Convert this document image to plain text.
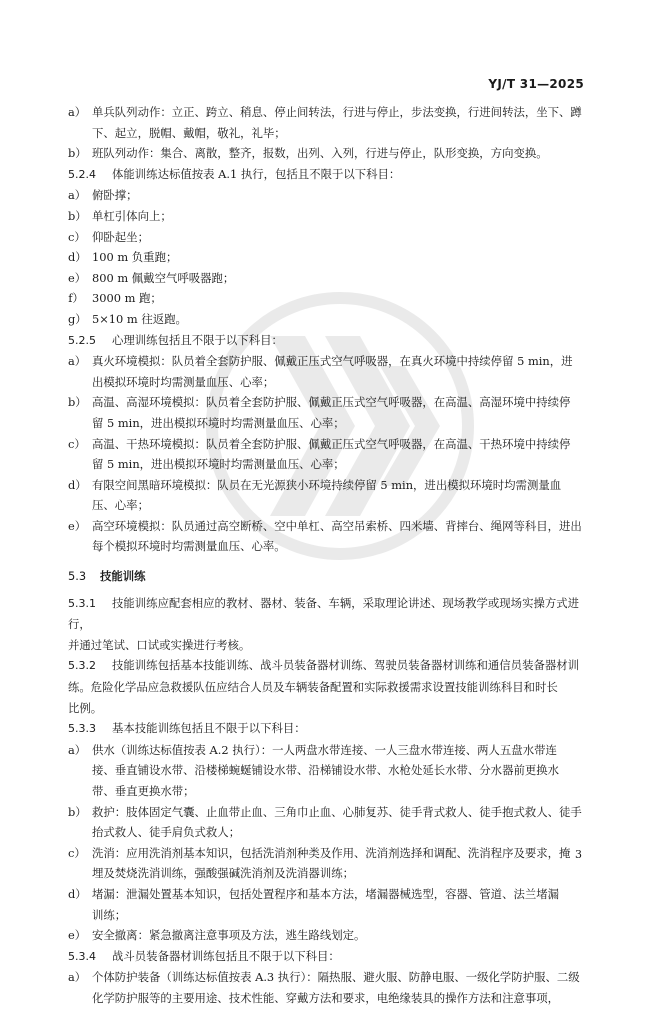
YJ/T 31—2025
a） 单兵队列动作：立正、跨立、稍息、停止间转法，行进与停止，步法变换，行进间转法，坐下、蹲
下、起立，脱帽、戴帽，敬礼，礼毕；
b） 班队列动作：集合、离散，整齐，报数，出列、入列，行进与停止，队形变换，方向变换。
5.2.4 体能训练达标值按表 A.1 执行，包括且不限于以下科目：
a） 俯卧撑；
b） 单杠引体向上；
c） 仰卧起坐；
d） 100 m 负重跑；
e） 800 m 佩戴空气呼吸器跑；
f） 3000 m 跑；
g） 5×10 m 往返跑。
5.2.5 心理训练包括且不限于以下科目：
a） 真火环境模拟：队员着全套防护服、佩戴正压式空气呼吸器，在真火环境中持续停留 5 min，进
出模拟环境时均需测量血压、心率；
b） 高温、高湿环境模拟：队员着全套防护服、佩戴正压式空气呼吸器，在高温、高湿环境中持续停
留 5 min，进出模拟环境时均需测量血压、心率；
c） 高温、干热环境模拟：队员着全套防护服、佩戴正压式空气呼吸器，在高温、干热环境中持续停
留 5 min，进出模拟环境时均需测量血压、心率；
d） 有限空间黑暗环境模拟：队员在无光源狭小环境持续停留 5 min，进出模拟环境时均需测量血
压、心率；
e） 高空环境模拟：队员通过高空断桥、空中单杠、高空吊索桥、四米墙、背摔台、绳网等科目，进出
每个模拟环境时均需测量血压、心率。
5.3 技能训练
5.3.1 技能训练应配套相应的教材、器材、装备、车辆，采取理论讲述、现场教学或现场实操方式进行，
并通过笔试、口试或实操进行考核。
5.3.2 技能训练包括基本技能训练、战斗员装备器材训练、驾驶员装备器材训练和通信员装备器材训
练。危险化学品应急救援队伍应结合人员及车辆装备配置和实际救援需求设置技能训练科目和时长
比例。
5.3.3 基本技能训练包括且不限于以下科目：
a） 供水（训练达标值按表 A.2 执行）：一人两盘水带连接、一人三盘水带连接、两人五盘水带连
接、垂直铺设水带、沿楼梯蜿蜒铺设水带、沿梯铺设水带、水枪处延长水带、分水器前更换水
带、垂直更换水带；
b） 救护：肢体固定气囊、止血带止血、三角巾止血、心肺复苏、徒手背式救人、徒手抱式救人、徒手
抬式救人、徒手肩负式救人；
c） 洗消：应用洗消剂基本知识，包括洗消剂种类及作用、洗消剂选择和调配、洗消程序及要求，掩
埋及焚烧洗消训练，强酸强碱洗消剂及洗消器训练；
d） 堵漏：泄漏处置基本知识，包括处置程序和基本方法，堵漏器械选型，容器、管道、法兰堵漏
训练；
e） 安全撤离：紧急撤离注意事项及方法，逃生路线划定。
5.3.4 战斗员装备器材训练包括且不限于以下科目：
a） 个体防护装备（训练达标值按表 A.3 执行）：隔热服、避火服、防静电服、一级化学防护服、二级
化学防护服等的主要用途、技术性能、穿戴方法和要求，电绝缘装具的操作方法和注意事项，
3
